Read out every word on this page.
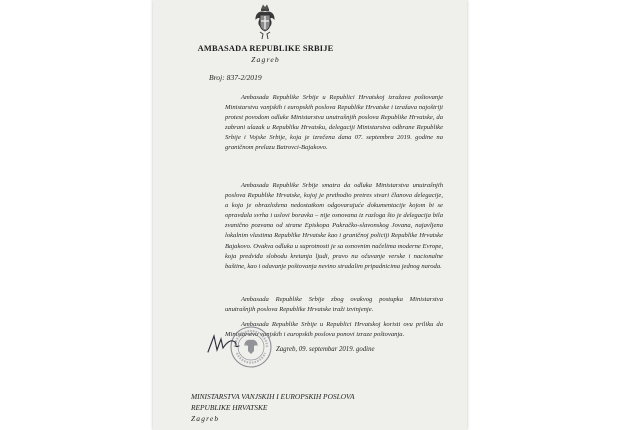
AMBASADA REPUBLIKE SRBIJE
Zagreb
Broj: 837-2/2019

Ambasada Republike Srbije u Republici Hrvatskoj izražava poštovanje Ministarstvu vanjskih i europskih poslova Republike Hrvatske i izražava najoštriji protest povodom odluke Ministarstva unutrašnjih poslova Republike Hrvatske, da zabrani ulazak u Republiku Hrvatsku, delegaciji Ministarstva odbrane Republike Srbije i Vojske Srbije, koja je izrečena dana 07. septembra 2019. godine na graničnom prelazu Batrovci-Bajakovo.

Ambasada Republike Srbije smatra da odluka Ministarstva unutrašnjih poslova Republike Hrvatske, kojoj je prethodio pretres stvari članova delegacije, a koja je obrazložena nedostatkom odgovarajuće dokumentacije kojom bi se opravdala svrha i uslovi boravka – nije osnovana iz razloga što je delegacija bila zvanično pozvana od strane Episkopa Pakračko-slavonskog Jovana, najavljena lokalnim vlastima Republike Hrvatske kao i graničnoj policiji Republike Hrvatske Bajakovo. Ovakva odluka u suprotnosti je sa osnovnim načelima moderne Evrope, koja predviđa slobodu kretanja ljudi, pravo na očuvanje verske i nacionalne baštine, kao i odavanje poštovanja nevino stradalim pripadnicima jednog naroda.

Ambasada Republike Srbije zbog ovakvog postupka Ministarstva unutrašnjih poslova Republike Hrvatske traži izvinjenje.

Ambasada Republike Srbije u Republici Hrvatskoj koristi ovu priliku da Ministarstvu vanjskih i europskih poslova ponovi izraze poštovanja.

Zagreb, 09. septembar 2019. godine
MINISTARSTVA VANJSKIH I EUROPSKIH POSLOVA
REPUBLIKE HRVATSKE
Zagreb
